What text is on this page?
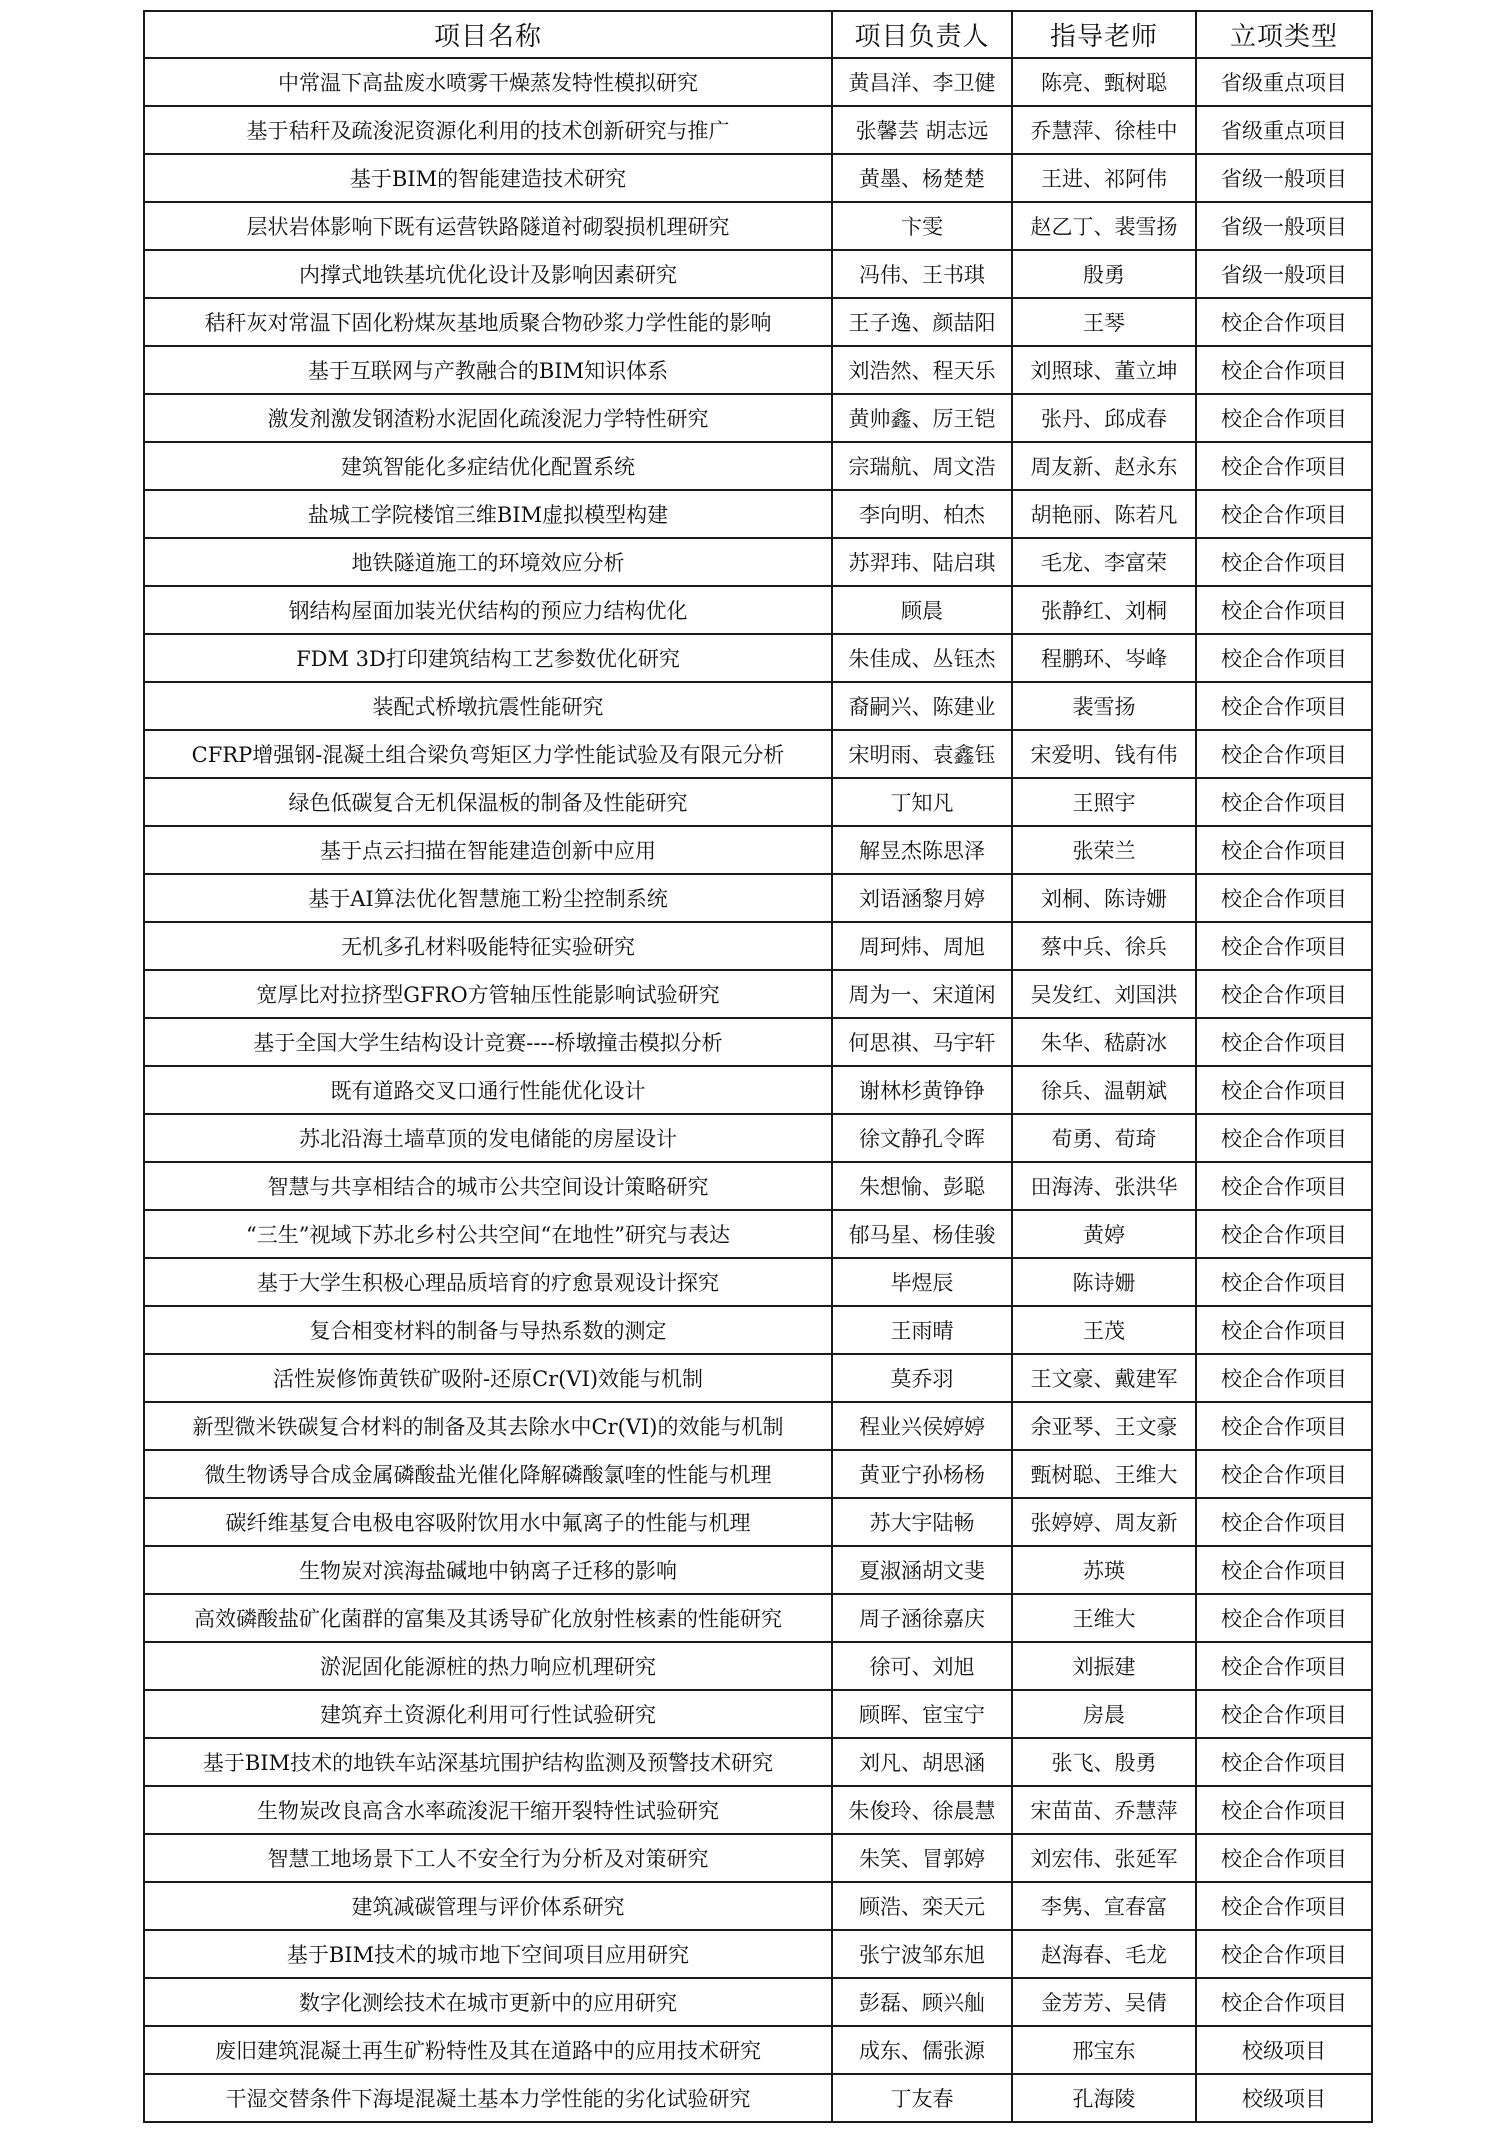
项目名称	项目负责人	指导老师	立项类型
中常温下高盐废水喷雾干燥蒸发特性模拟研究	黄昌洋、李卫健	陈亮、甄树聪	省级重点项目
基于秸秆及疏浚泥资源化利用的技术创新研究与推广	张馨芸 胡志远	乔慧萍、徐桂中	省级重点项目
基于BIM的智能建造技术研究	黄墨、杨楚楚	王进、祁阿伟	省级一般项目
层状岩体影响下既有运营铁路隧道衬砌裂损机理研究	卞雯	赵乙丁、裴雪扬	省级一般项目
内撑式地铁基坑优化设计及影响因素研究	冯伟、王书琪	殷勇	省级一般项目
秸秆灰对常温下固化粉煤灰基地质聚合物砂浆力学性能的影响	王子逸、颜喆阳	王琴	校企合作项目
基于互联网与产教融合的BIM知识体系	刘浩然、程天乐	刘照球、董立坤	校企合作项目
激发剂激发钢渣粉水泥固化疏浚泥力学特性研究	黄帅鑫、厉王铠	张丹、邱成春	校企合作项目
建筑智能化多症结优化配置系统	宗瑞航、周文浩	周友新、赵永东	校企合作项目
盐城工学院楼馆三维BIM虚拟模型构建	李向明、柏杰	胡艳丽、陈若凡	校企合作项目
地铁隧道施工的环境效应分析	苏羿玮、陆启琪	毛龙、李富荣	校企合作项目
钢结构屋面加装光伏结构的预应力结构优化	顾晨	张静红、刘桐	校企合作项目
FDM 3D打印建筑结构工艺参数优化研究	朱佳成、丛钰杰	程鹏环、岑峰	校企合作项目
装配式桥墩抗震性能研究	裔嗣兴、陈建业	裴雪扬	校企合作项目
CFRP增强钢-混凝土组合梁负弯矩区力学性能试验及有限元分析	宋明雨、袁鑫钰	宋爱明、钱有伟	校企合作项目
绿色低碳复合无机保温板的制备及性能研究	丁知凡	王照宇	校企合作项目
基于点云扫描在智能建造创新中应用	解昱杰陈思泽	张荣兰	校企合作项目
基于AI算法优化智慧施工粉尘控制系统	刘语涵黎月婷	刘桐、陈诗姗	校企合作项目
无机多孔材料吸能特征实验研究	周珂炜、周旭	蔡中兵、徐兵	校企合作项目
宽厚比对拉挤型GFRO方管轴压性能影响试验研究	周为一、宋道闲	吴发红、刘国洪	校企合作项目
基于全国大学生结构设计竞赛----桥墩撞击模拟分析	何思祺、马宇轩	朱华、嵇蔚冰	校企合作项目
既有道路交叉口通行性能优化设计	谢林杉黄铮铮	徐兵、温朝斌	校企合作项目
苏北沿海土墙草顶的发电储能的房屋设计	徐文静孔令晖	荀勇、荀琦	校企合作项目
智慧与共享相结合的城市公共空间设计策略研究	朱想愉、彭聪	田海涛、张洪华	校企合作项目
“三生”视域下苏北乡村公共空间“在地性”研究与表达	郁马星、杨佳骏	黄婷	校企合作项目
基于大学生积极心理品质培育的疗愈景观设计探究	毕煜辰	陈诗姗	校企合作项目
复合相变材料的制备与导热系数的测定	王雨晴	王茂	校企合作项目
活性炭修饰黄铁矿吸附-还原Cr(VI)效能与机制	莫乔羽	王文豪、戴建军	校企合作项目
新型微米铁碳复合材料的制备及其去除水中Cr(VI)的效能与机制	程业兴侯婷婷	余亚琴、王文豪	校企合作项目
微生物诱导合成金属磷酸盐光催化降解磷酸氯喹的性能与机理	黄亚宁孙杨杨	甄树聪、王维大	校企合作项目
碳纤维基复合电极电容吸附饮用水中氟离子的性能与机理	苏大宇陆畅	张婷婷、周友新	校企合作项目
生物炭对滨海盐碱地中钠离子迁移的影响	夏淑涵胡文斐	苏瑛	校企合作项目
高效磷酸盐矿化菌群的富集及其诱导矿化放射性核素的性能研究	周子涵徐嘉庆	王维大	校企合作项目
淤泥固化能源桩的热力响应机理研究	徐可、刘旭	刘振建	校企合作项目
建筑弃土资源化利用可行性试验研究	顾晖、宦宝宁	房晨	校企合作项目
基于BIM技术的地铁车站深基坑围护结构监测及预警技术研究	刘凡、胡思涵	张飞、殷勇	校企合作项目
生物炭改良高含水率疏浚泥干缩开裂特性试验研究	朱俊玲、徐晨慧	宋苗苗、乔慧萍	校企合作项目
智慧工地场景下工人不安全行为分析及对策研究	朱笑、冒郭婷	刘宏伟、张延军	校企合作项目
建筑减碳管理与评价体系研究	顾浩、栾天元	李隽、宣春富	校企合作项目
基于BIM技术的城市地下空间项目应用研究	张宁波邹东旭	赵海春、毛龙	校企合作项目
数字化测绘技术在城市更新中的应用研究	彭磊、顾兴舢	金芳芳、吴倩	校企合作项目
废旧建筑混凝土再生矿粉特性及其在道路中的应用技术研究	成东、儒张源	邢宝东	校级项目
干湿交替条件下海堤混凝土基本力学性能的劣化试验研究	丁友春	孔海陵	校级项目
